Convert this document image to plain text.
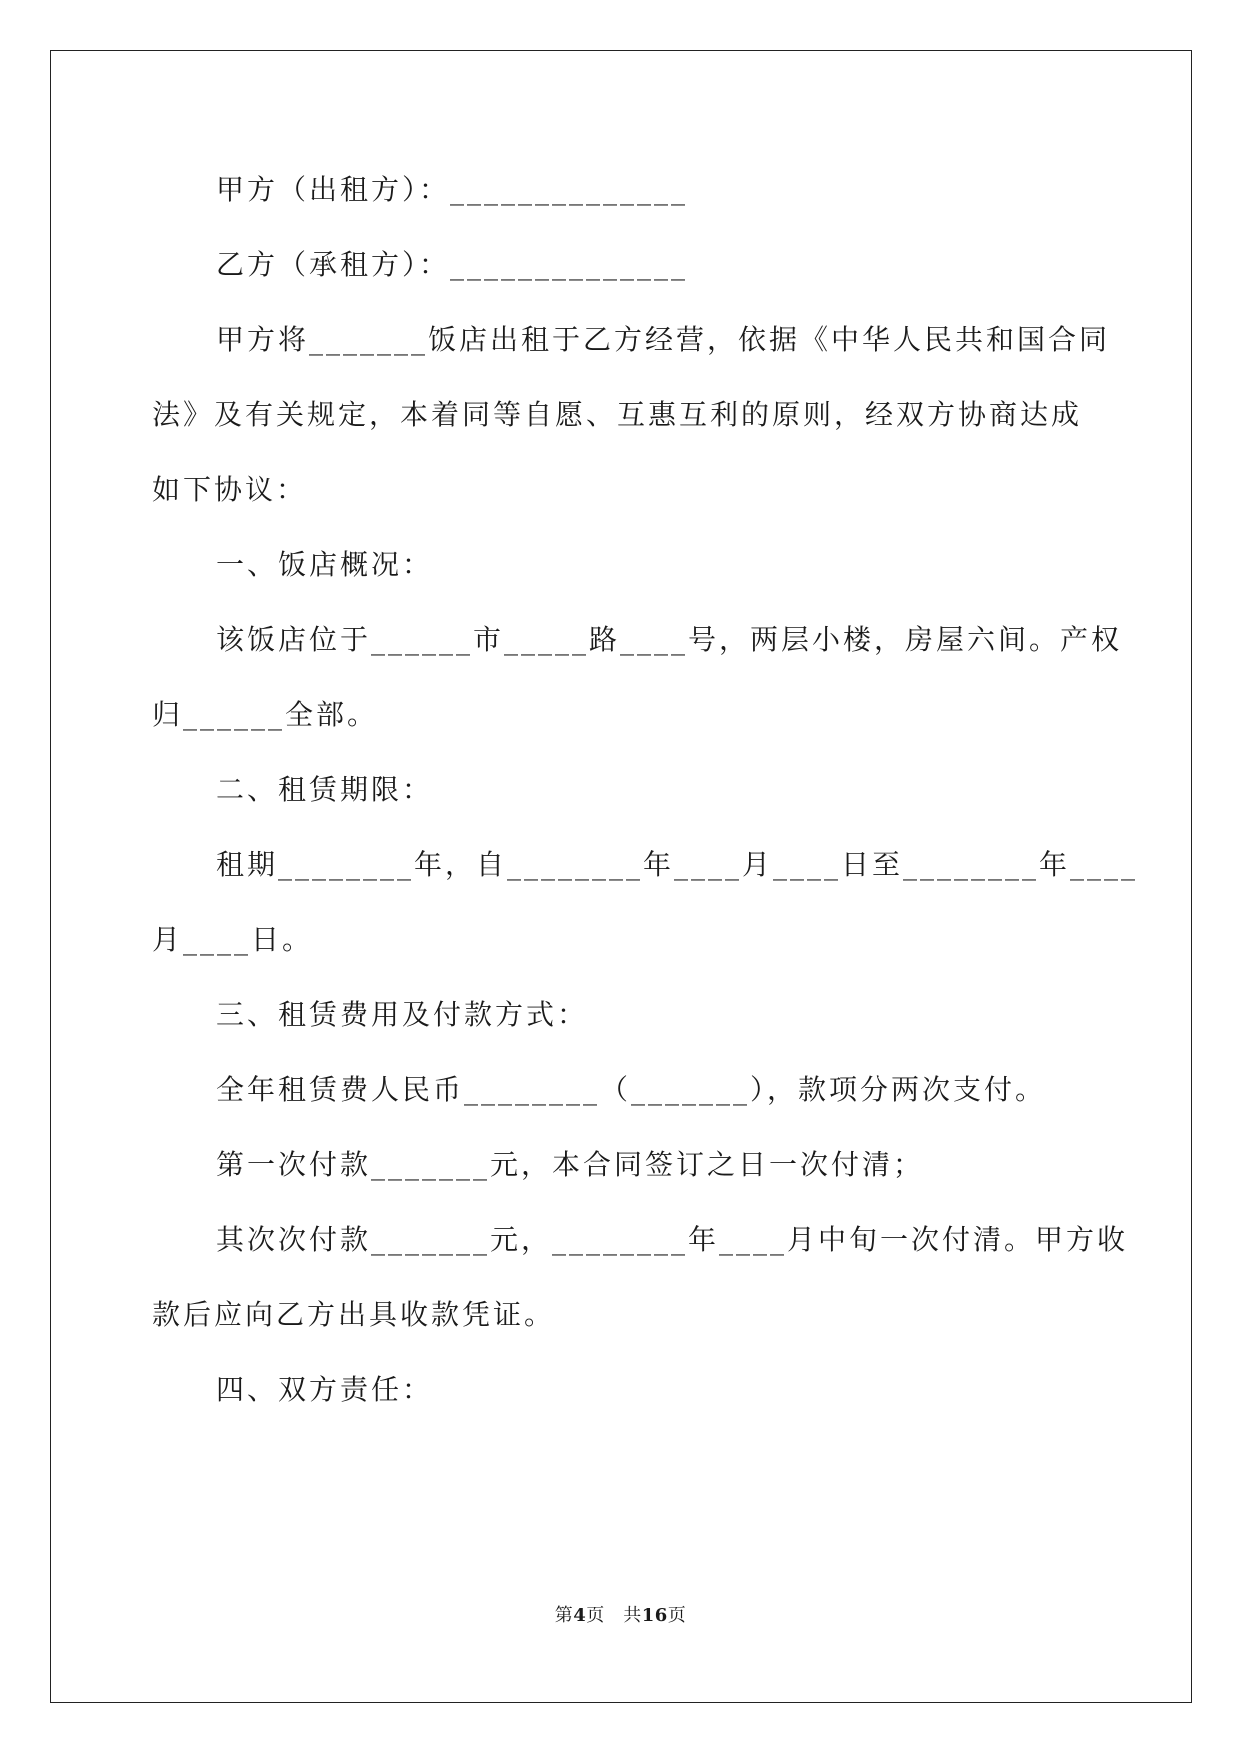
甲方（出租方）：______________
乙方（承租方）：______________
甲方将_______饭店出租于乙方经营，依据《中华人民共和国合同
法》及有关规定，本着同等自愿、互惠互利的原则，经双方协商达成
如下协议：
一、饭店概况：
该饭店位于______市_____路____号，两层小楼，房屋六间。产权
归______全部。
二、租赁期限：
租期________年，自________年____月____日至________年____
月____日。
三、租赁费用及付款方式：
全年租赁费人民币________（_______），款项分两次支付。
第一次付款_______元，本合同签订之日一次付清；
其次次付款_______元，________年____月中旬一次付清。甲方收
款后应向乙方出具收款凭证。
四、双方责任：
第4页　共16页
